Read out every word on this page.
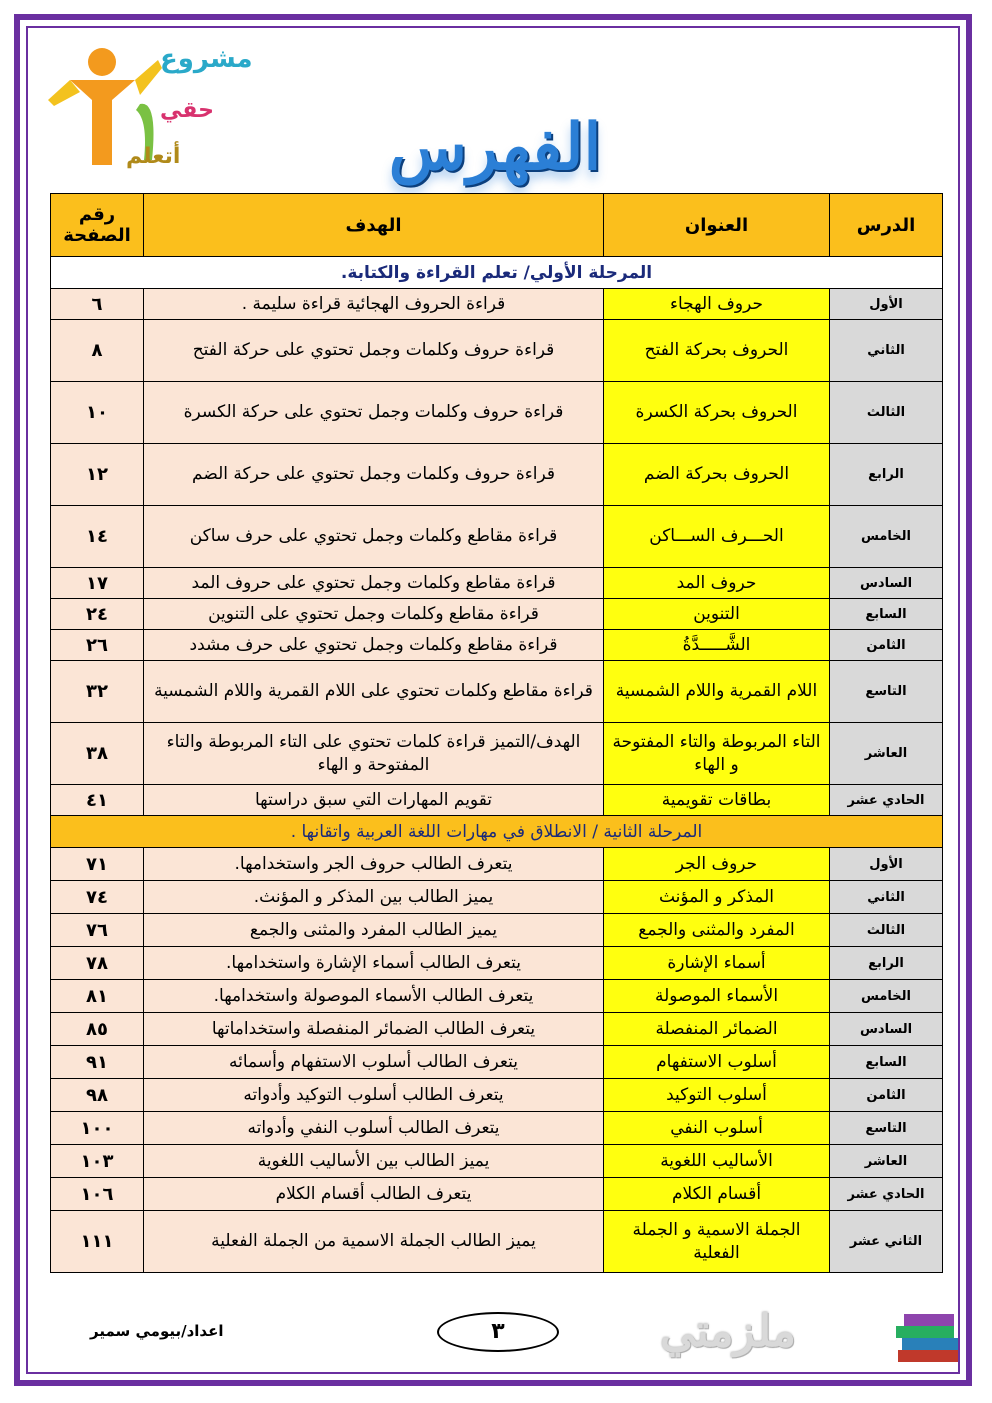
مشروع
حقي
أتعلم	الفهرس
الدرس	العنوان	الهدف	رقم الصفحة
المرحلة الأولي/ تعلم القراءة والكتابة.			
الأول	حروف الهجاء	قراءة الحروف الهجائية قراءة سليمة .	٦
الثاني	الحروف بحركة الفتح	قراءة حروف وكلمات وجمل تحتوي على حركة الفتح	٨
الثالث	الحروف بحركة الكسرة	قراءة حروف وكلمات وجمل تحتوي على حركة الكسرة	١٠
الرابع	الحروف بحركة الضم	قراءة حروف وكلمات وجمل تحتوي على حركة الضم	١٢
الخامس	الحـــرف الســـاكن	قراءة مقاطع وكلمات وجمل تحتوي على حرف ساكن	١٤
السادس	حروف المد	قراءة مقاطع وكلمات وجمل تحتوي على حروف المد	١٧
السابع	التنوين	قراءة مقاطع وكلمات وجمل تحتوي على التنوين	٢٤
الثامن	الشَّـــــدَّةُ	قراءة مقاطع وكلمات وجمل تحتوي على حرف مشدد	٢٦
التاسع	اللام القمرية واللام الشمسية	قراءة مقاطع وكلمات تحتوي على اللام القمرية واللام الشمسية	٣٢
العاشر	التاء المربوطة والتاء المفتوحة و الهاء	الهدف/التميز قراءة كلمات تحتوي على التاء المربوطة والتاء المفتوحة و الهاء	٣٨
الحادي عشر	بطاقات تقويمية	تقويم المهارات التي سبق دراستها	٤١
المرحلة الثانية / الانطلاق في مهارات اللغة العربية واتقانها .			
الأول	حروف الجر	يتعرف الطالب حروف الجر واستخدامها.	٧١
الثاني	المذكر و المؤنث	يميز الطالب بين المذكر و المؤنث.	٧٤
الثالث	المفرد والمثنى والجمع	يميز الطالب المفرد والمثنى والجمع	٧٦
الرابع	أسماء الإشارة	يتعرف الطالب أسماء الإشارة واستخدامها.	٧٨
الخامس	الأسماء الموصولة	يتعرف الطالب الأسماء الموصولة واستخدامها.	٨١
السادس	الضمائر المنفصلة	يتعرف الطالب الضمائر المنفصلة واستخداماتها	٨٥
السابع	أسلوب الاستفهام	يتعرف الطالب أسلوب الاستفهام وأسمائه	٩١
الثامن	أسلوب التوكيد	يتعرف الطالب أسلوب التوكيد وأدواته	٩٨
التاسع	أسلوب النفي	يتعرف الطالب أسلوب النفي وأدواته	١٠٠
العاشر	الأساليب اللغوية	يميز الطالب بين الأساليب اللغوية	١٠٣
الحادي عشر	أقسام الكلام	يتعرف الطالب أقسام الكلام	١٠٦
الثاني عشر	الجملة الاسمية و الجملة الفعلية	يميز الطالب الجملة الاسمية من الجملة الفعلية	١١١
اعداد/بيومي سمير	٣	ملزمتي
